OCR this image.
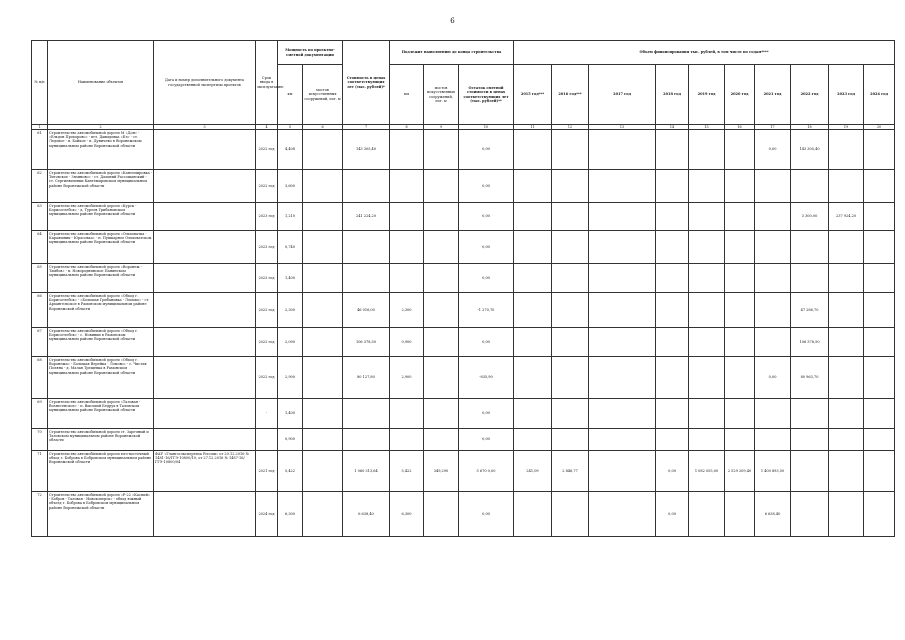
6
№ п/п	Наименование объектов	Дата и номер дополнительного документа государственной экспертизы проектов	Срок ввода в эксплуатацию	Мощность по проектно-сметной документации		Стоимость в ценах соответствующих лет (тыс. рублей)*	Подлежит выполнению до конца строительства			Объем финансирования тыс. рублей, в том числе по годам****									
				км	мостов искусственных сооружений, пог. м		км	мостов искусственных сооружений, пог. м	Остаток сметной стоимости в ценах соответствующих лет (тыс. рублей)**	2015 год***	2016 год***	2017 год	2018 год	2019 год	2020 год	2021 год	2022 год	2023 год	2024 год
1	2	3	4	5	6	7	8	9	10	11	12	13	14	15	16	17	18	19	20
61	Строительство автомобильной дороги М «Дон» - «Ельдон Прохорово» - пгт. Давыдовка «Ел» - ст. Ледовое - п. Бойкое - п. Дуничево в Воронежском муниципальном районе Воронежской области		2022 год	4,408		143 305,40			0,00							0,00	143 305,40		
62	Строительство автомобильной дороги «Кантемировка - Титовское - Зязиново» - ст. Дальний Рассошанский - ст. Сергиевичевки Кантемировском муниципальном районе Воронежской области		2022 год	3,600					0,00										
63	Строительство автомобильной дороги «Курск - Борисоглебск» - д. Туреев Грибановском муниципальном районе Воронежской области		2023 год	1,210		241 224,20			0,00								3 300,00	237 924,20	
64	Строительство автомобильной дороги «Ольховатка - Караяшник - Юрасовка» - п. Пушкарное Ольховатском муниципальном районе Воронежской области		2023 год	0,740					0,00										
65	Строительство автомобильной дороги «Воронеж - Тамбов» - п. Новороднинское Панинском муниципальном районе Воронежской области		2023 год	1,400					0,00										
66	Строительство автомобильной дороги «Обход г. Борисоглебск» - «Большая Грибановка - Ломово» - ст. Архангельское в Рамонском муниципальном районе Воронежской области		2022 год	2,300		46 016,00	2,300		-1 270,70								47 286,70		
67	Строительство автомобильной дороги «Обход г. Борисоглебск» - с. Новинки в Рамонском муниципальном районе Воронежской области		2022 год	2,090		106 378,50	0,900		0,00								106 378,50		
68	Строительство автомобильной дороги «Обход г. Воронежа» - Большая Верейка - Ломово» - с. Чистая Поляна - д. Малая Трещевка в Рамонском муниципальном районе Воронежской области		2022 год	2,900		80 127,80	2,900		-835,90							0,00	80 963,70		
69	Строительство автомобильной дороги «Таловая - Вознесенское» - п. Высокий Бедрух в Таловском муниципальном районе Воронежской области		-	1,400					0,00										
70	Строительство автомобильной дороги ст. Заречный и Таловском муниципальном районе Воронежской области			0,900					0,00										
71	Строительство автомобильной дороги юго-восточный обход г. Боброва в Бобровском муниципальном районе Воронежской области	ФАУ «Главгосэкспертиза России» от 20.12.2016 № 1481-16/ГГЭ-10800/10, от 27.12.2016 № 1487-16/ГГЭ-10800/04	2021 год	5,422		1 060 313,64	5,422	349,290	5 670 0,00	241,09	2 846,77		0,00	1 082 055,00	2 529 209,40	1 400 893,50			
72	Строительство автомобильной дороги «Р-22 «Каспий» - Бобров - Таловая - Новохоперск» - обход южный объезд г. Боброва в Бобровском муниципальном районе Воронежской области		2024 год	6,300		6 638,40	6,300		0,00				0,00			6 638,40			
